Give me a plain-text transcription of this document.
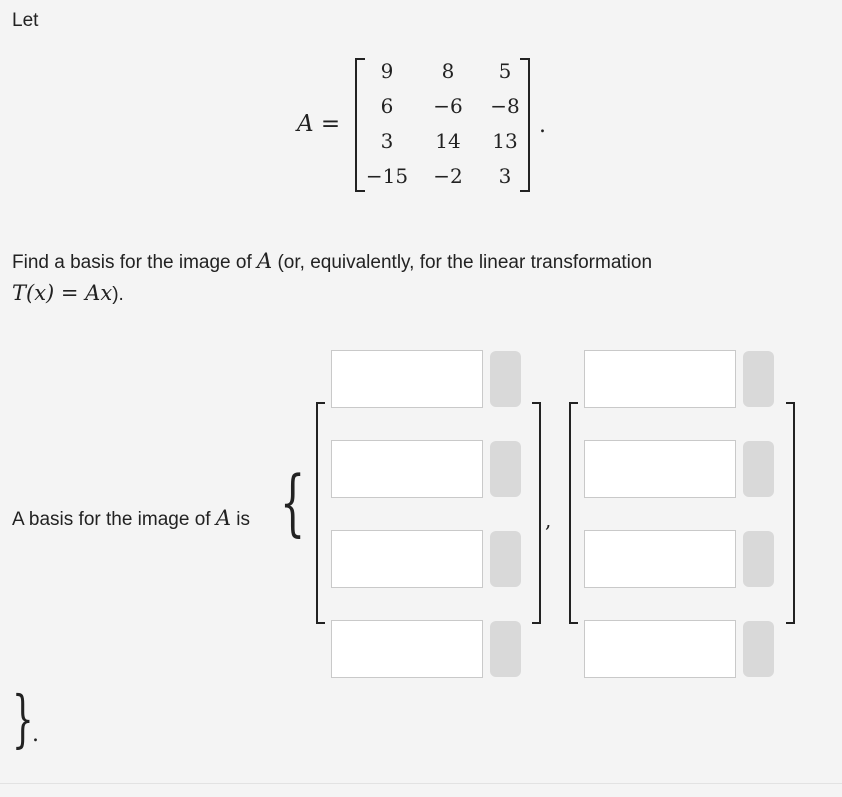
Let
A =
9	8	5
6	−6	−8
3	14	13
−15	−2	3
.
Find a basis for the image of A (or, equivalently, for the linear transformation
T(x) = Ax).
A basis for the image of A is {	,
}
.
